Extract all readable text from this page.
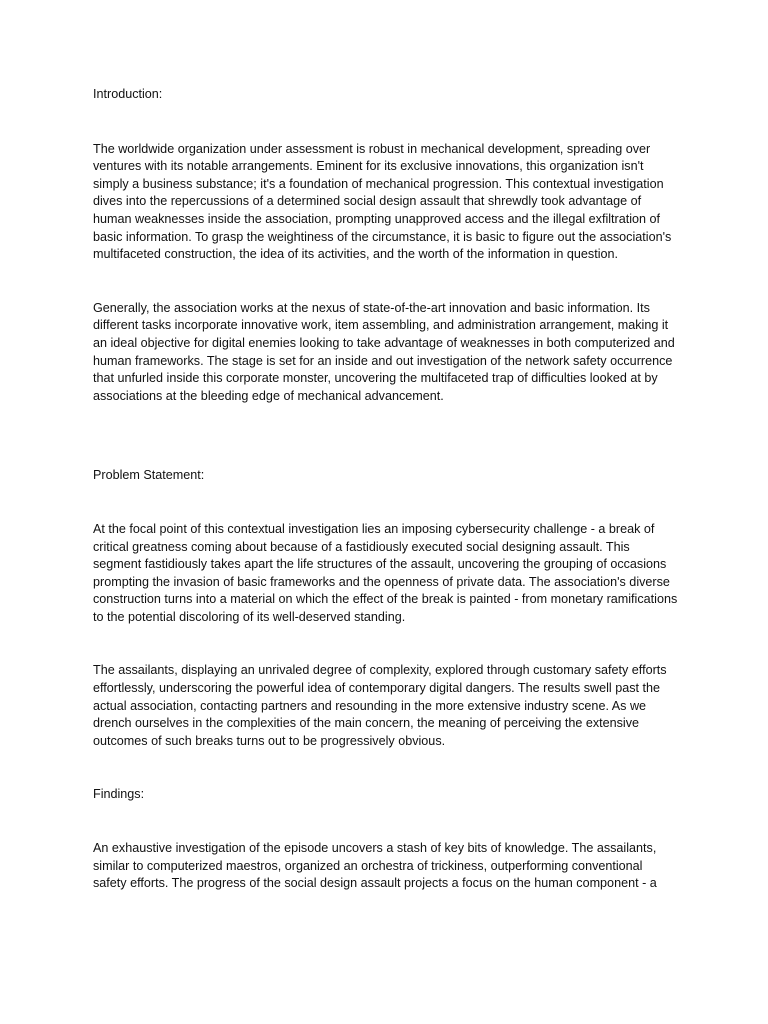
Introduction:

The worldwide organization under assessment is robust in mechanical development, spreading over ventures with its notable arrangements. Eminent for its exclusive innovations, this organization isn't simply a business substance; it's a foundation of mechanical progression. This contextual investigation dives into the repercussions of a determined social design assault that shrewdly took advantage of human weaknesses inside the association, prompting unapproved access and the illegal exfiltration of basic information. To grasp the weightiness of the circumstance, it is basic to figure out the association's multifaceted construction, the idea of its activities, and the worth of the information in question.

Generally, the association works at the nexus of state-of-the-art innovation and basic information. Its different tasks incorporate innovative work, item assembling, and administration arrangement, making it an ideal objective for digital enemies looking to take advantage of weaknesses in both computerized and human frameworks. The stage is set for an inside and out investigation of the network safety occurrence that unfurled inside this corporate monster, uncovering the multifaceted trap of difficulties looked at by associations at the bleeding edge of mechanical advancement.

Problem Statement:

At the focal point of this contextual investigation lies an imposing cybersecurity challenge - a break of critical greatness coming about because of a fastidiously executed social designing assault. This segment fastidiously takes apart the life structures of the assault, uncovering the grouping of occasions prompting the invasion of basic frameworks and the openness of private data. The association's diverse construction turns into a material on which the effect of the break is painted - from monetary ramifications to the potential discoloring of its well-deserved standing.

The assailants, displaying an unrivaled degree of complexity, explored through customary safety efforts effortlessly, underscoring the powerful idea of contemporary digital dangers. The results swell past the actual association, contacting partners and resounding in the more extensive industry scene. As we drench ourselves in the complexities of the main concern, the meaning of perceiving the extensive outcomes of such breaks turns out to be progressively obvious.

Findings:

An exhaustive investigation of the episode uncovers a stash of key bits of knowledge. The assailants, similar to computerized maestros, organized an orchestra of trickiness, outperforming conventional safety efforts. The progress of the social design assault projects a focus on the human component - a
